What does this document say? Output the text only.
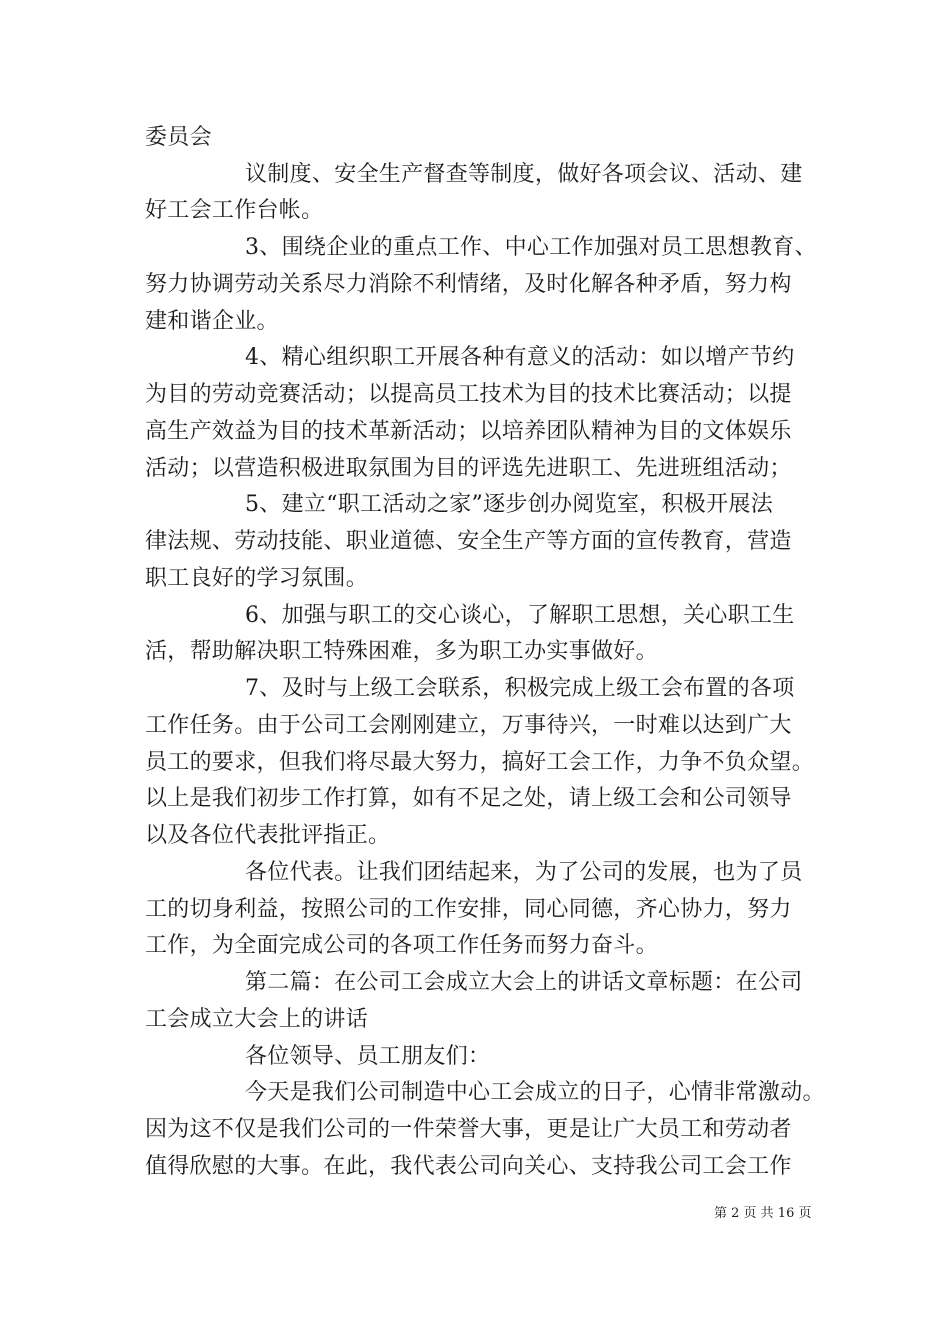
委员会
议制度、安全生产督查等制度，做好各项会议、活动、建
好工会工作台帐。
3、围绕企业的重点工作、中心工作加强对员工思想教育、
努力协调劳动关系尽力消除不利情绪，及时化解各种矛盾，努力构
建和谐企业。
4、精心组织职工开展各种有意义的活动：如以增产节约
为目的劳动竞赛活动；以提高员工技术为目的技术比赛活动；以提
高生产效益为目的技术革新活动；以培养团队精神为目的文体娱乐
活动；以营造积极进取氛围为目的评选先进职工、先进班组活动；
5、建立“职工活动之家”逐步创办阅览室，积极开展法
律法规、劳动技能、职业道德、安全生产等方面的宣传教育，营造
职工良好的学习氛围。
6、加强与职工的交心谈心，了解职工思想，关心职工生
活，帮助解决职工特殊困难，多为职工办实事做好。
7、及时与上级工会联系，积极完成上级工会布置的各项
工作任务。由于公司工会刚刚建立，万事待兴，一时难以达到广大
员工的要求，但我们将尽最大努力，搞好工会工作，力争不负众望。
以上是我们初步工作打算，如有不足之处，请上级工会和公司领导
以及各位代表批评指正。
各位代表。让我们团结起来，为了公司的发展，也为了员
工的切身利益，按照公司的工作安排，同心同德，齐心协力，努力
工作，为全面完成公司的各项工作任务而努力奋斗。
第二篇：在公司工会成立大会上的讲话文章标题：在公司
工会成立大会上的讲话
各位领导、员工朋友们：
今天是我们公司制造中心工会成立的日子，心情非常激动。
因为这不仅是我们公司的一件荣誉大事，更是让广大员工和劳动者
值得欣慰的大事。在此，我代表公司向关心、支持我公司工会工作
第 2 页 共 16 页
